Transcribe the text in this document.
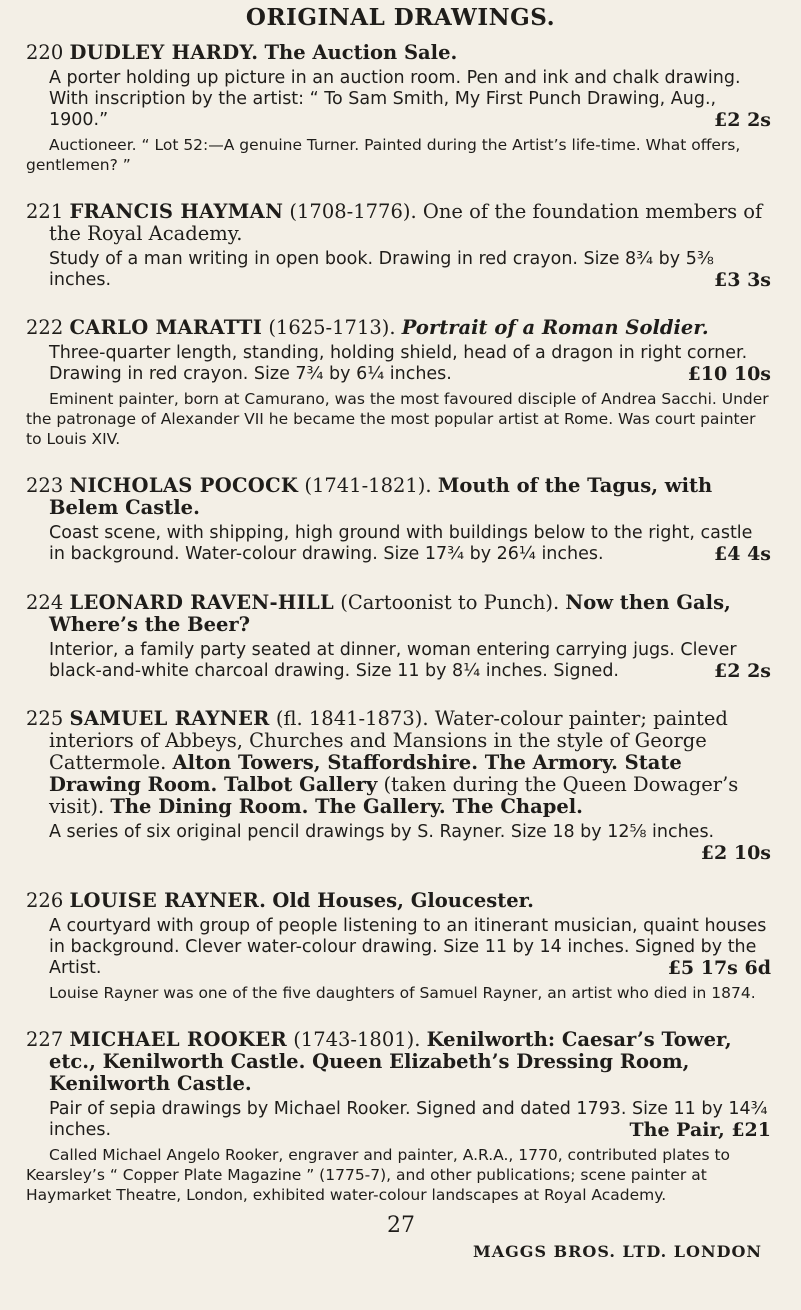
ORIGINAL DRAWINGS.

220 DUDLEY HARDY. The Auction Sale.

A porter holding up picture in an auction room. Pen and ink and chalk drawing. With inscription by the artist: “ To Sam Smith, My First Punch Drawing, Aug., 1900.”	£2 2s

Auctioneer. “ Lot 52:—A genuine Turner. Painted during the Artist’s life-time. What offers, gentlemen? ”

221 FRANCIS HAYMAN (1708-1776). One of the foundation members of the Royal Academy.

Study of a man writing in open book. Drawing in red crayon. Size 8¾ by 5⅜ inches.	£3 3s

222 CARLO MARATTI (1625-1713). Portrait of a Roman Soldier.

Three-quarter length, standing, holding shield, head of a dragon in right corner. Drawing in red crayon. Size 7¾ by 6¼ inches.	£10 10s

Eminent painter, born at Camurano, was the most favoured disciple of Andrea Sacchi. Under the patronage of Alexander VII he became the most popular artist at Rome. Was court painter to Louis XIV.

223 NICHOLAS POCOCK (1741-1821). Mouth of the Tagus, with Belem Castle.

Coast scene, with shipping, high ground with buildings below to the right, castle in background. Water-colour drawing. Size 17¾ by 26¼ inches.	£4 4s

224 LEONARD RAVEN-HILL (Cartoonist to Punch). Now then Gals, Where’s the Beer?

Interior, a family party seated at dinner, woman entering carrying jugs. Clever black-and-white charcoal drawing. Size 11 by 8¼ inches. Signed.	£2 2s

225 SAMUEL RAYNER (fl. 1841-1873). Water-colour painter; painted interiors of Abbeys, Churches and Mansions in the style of George Cattermole. Alton Towers, Staffordshire. The Armory. State Drawing Room. Talbot Gallery (taken during the Queen Dowager’s visit). The Dining Room. The Gallery. The Chapel.

A series of six original pencil drawings by S. Rayner. Size 18 by 12⅝ inches.
£2 10s

226 LOUISE RAYNER. Old Houses, Gloucester.

A courtyard with group of people listening to an itinerant musician, quaint houses in background. Clever water-colour drawing. Size 11 by 14 inches. Signed by the Artist.	£5 17s 6d

Louise Rayner was one of the five daughters of Samuel Rayner, an artist who died in 1874.

227 MICHAEL ROOKER (1743-1801). Kenilworth: Caesar’s Tower, etc., Kenilworth Castle. Queen Elizabeth’s Dressing Room, Kenilworth Castle.

Pair of sepia drawings by Michael Rooker. Signed and dated 1793. Size 11 by 14¾ inches.	The Pair, £21

Called Michael Angelo Rooker, engraver and painter, A.R.A., 1770, contributed plates to Kearsley’s “ Copper Plate Magazine ” (1775-7), and other publications; scene painter at Haymarket Theatre, London, exhibited water-colour landscapes at Royal Academy.

27
MAGGS BROS. LTD. LONDON
